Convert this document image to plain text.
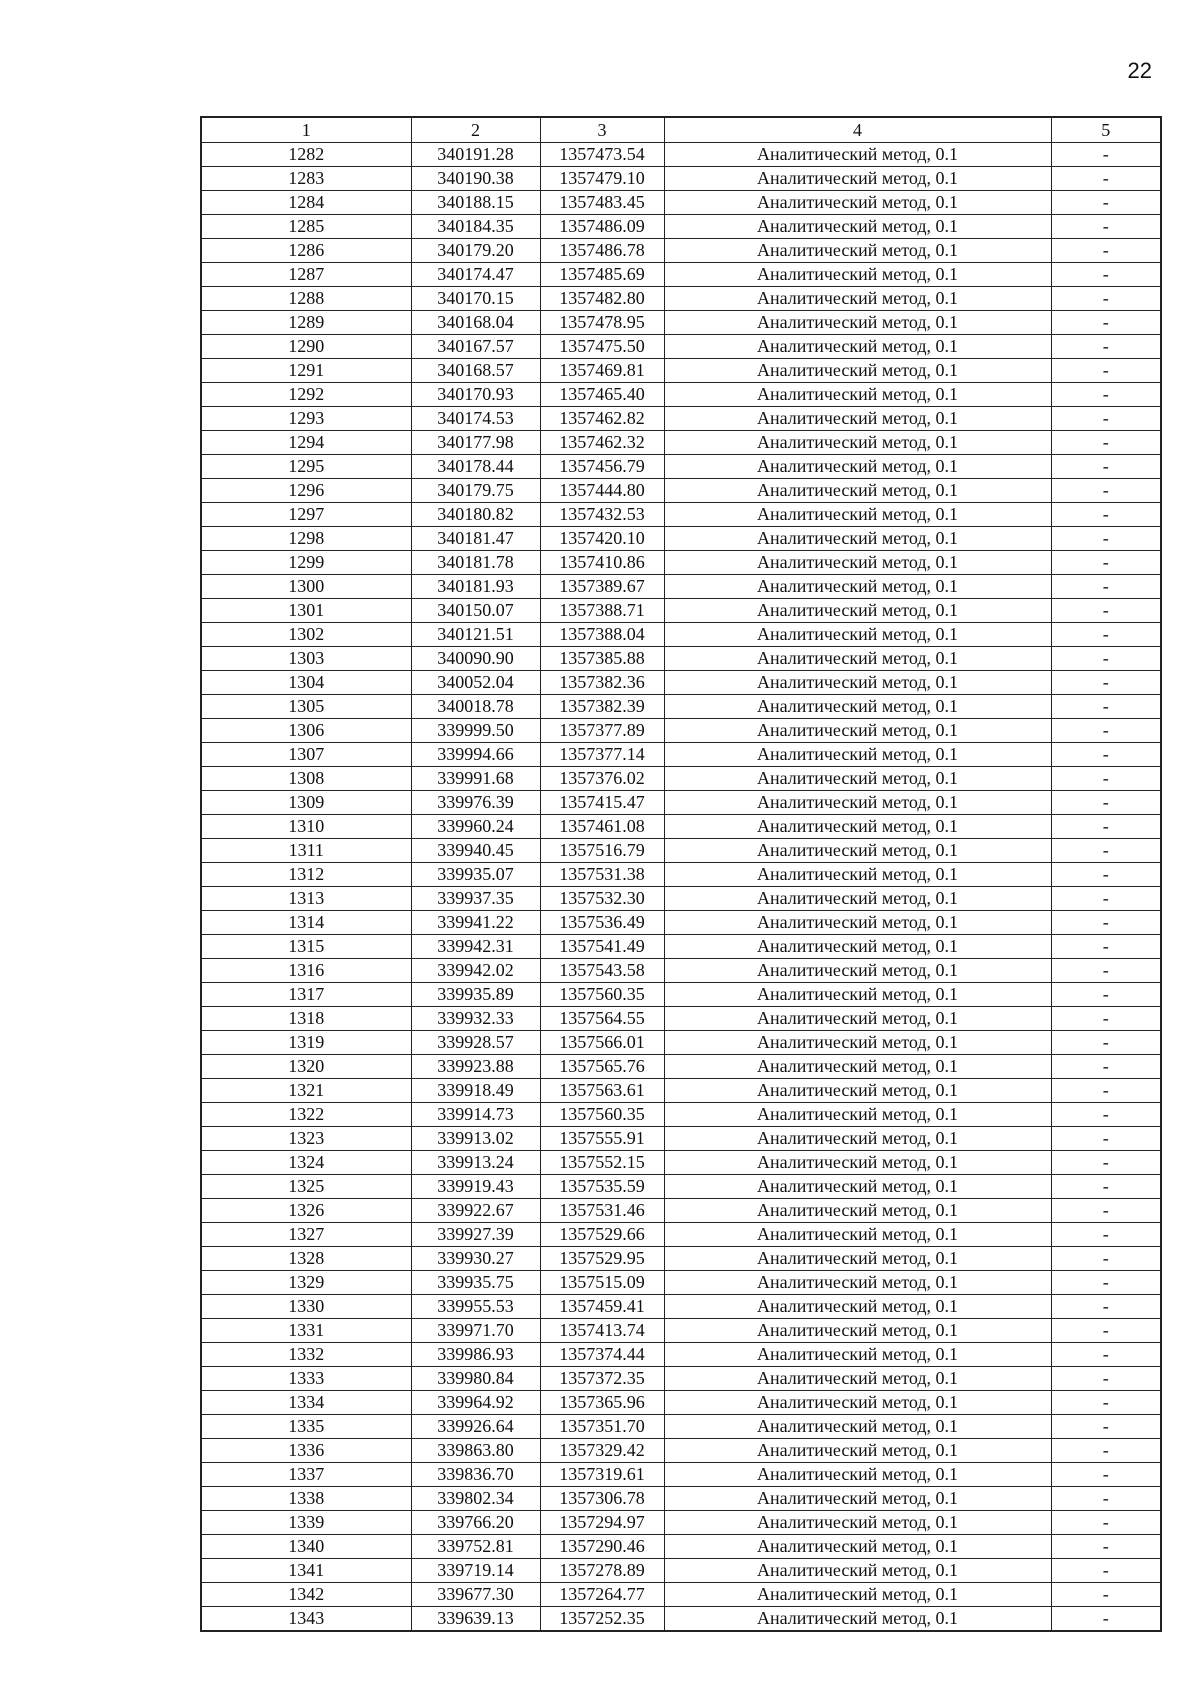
22
1	2	3	4	5
1282	340191.28	1357473.54	Аналитический метод, 0.1	-
1283	340190.38	1357479.10	Аналитический метод, 0.1	-
1284	340188.15	1357483.45	Аналитический метод, 0.1	-
1285	340184.35	1357486.09	Аналитический метод, 0.1	-
1286	340179.20	1357486.78	Аналитический метод, 0.1	-
1287	340174.47	1357485.69	Аналитический метод, 0.1	-
1288	340170.15	1357482.80	Аналитический метод, 0.1	-
1289	340168.04	1357478.95	Аналитический метод, 0.1	-
1290	340167.57	1357475.50	Аналитический метод, 0.1	-
1291	340168.57	1357469.81	Аналитический метод, 0.1	-
1292	340170.93	1357465.40	Аналитический метод, 0.1	-
1293	340174.53	1357462.82	Аналитический метод, 0.1	-
1294	340177.98	1357462.32	Аналитический метод, 0.1	-
1295	340178.44	1357456.79	Аналитический метод, 0.1	-
1296	340179.75	1357444.80	Аналитический метод, 0.1	-
1297	340180.82	1357432.53	Аналитический метод, 0.1	-
1298	340181.47	1357420.10	Аналитический метод, 0.1	-
1299	340181.78	1357410.86	Аналитический метод, 0.1	-
1300	340181.93	1357389.67	Аналитический метод, 0.1	-
1301	340150.07	1357388.71	Аналитический метод, 0.1	-
1302	340121.51	1357388.04	Аналитический метод, 0.1	-
1303	340090.90	1357385.88	Аналитический метод, 0.1	-
1304	340052.04	1357382.36	Аналитический метод, 0.1	-
1305	340018.78	1357382.39	Аналитический метод, 0.1	-
1306	339999.50	1357377.89	Аналитический метод, 0.1	-
1307	339994.66	1357377.14	Аналитический метод, 0.1	-
1308	339991.68	1357376.02	Аналитический метод, 0.1	-
1309	339976.39	1357415.47	Аналитический метод, 0.1	-
1310	339960.24	1357461.08	Аналитический метод, 0.1	-
1311	339940.45	1357516.79	Аналитический метод, 0.1	-
1312	339935.07	1357531.38	Аналитический метод, 0.1	-
1313	339937.35	1357532.30	Аналитический метод, 0.1	-
1314	339941.22	1357536.49	Аналитический метод, 0.1	-
1315	339942.31	1357541.49	Аналитический метод, 0.1	-
1316	339942.02	1357543.58	Аналитический метод, 0.1	-
1317	339935.89	1357560.35	Аналитический метод, 0.1	-
1318	339932.33	1357564.55	Аналитический метод, 0.1	-
1319	339928.57	1357566.01	Аналитический метод, 0.1	-
1320	339923.88	1357565.76	Аналитический метод, 0.1	-
1321	339918.49	1357563.61	Аналитический метод, 0.1	-
1322	339914.73	1357560.35	Аналитический метод, 0.1	-
1323	339913.02	1357555.91	Аналитический метод, 0.1	-
1324	339913.24	1357552.15	Аналитический метод, 0.1	-
1325	339919.43	1357535.59	Аналитический метод, 0.1	-
1326	339922.67	1357531.46	Аналитический метод, 0.1	-
1327	339927.39	1357529.66	Аналитический метод, 0.1	-
1328	339930.27	1357529.95	Аналитический метод, 0.1	-
1329	339935.75	1357515.09	Аналитический метод, 0.1	-
1330	339955.53	1357459.41	Аналитический метод, 0.1	-
1331	339971.70	1357413.74	Аналитический метод, 0.1	-
1332	339986.93	1357374.44	Аналитический метод, 0.1	-
1333	339980.84	1357372.35	Аналитический метод, 0.1	-
1334	339964.92	1357365.96	Аналитический метод, 0.1	-
1335	339926.64	1357351.70	Аналитический метод, 0.1	-
1336	339863.80	1357329.42	Аналитический метод, 0.1	-
1337	339836.70	1357319.61	Аналитический метод, 0.1	-
1338	339802.34	1357306.78	Аналитический метод, 0.1	-
1339	339766.20	1357294.97	Аналитический метод, 0.1	-
1340	339752.81	1357290.46	Аналитический метод, 0.1	-
1341	339719.14	1357278.89	Аналитический метод, 0.1	-
1342	339677.30	1357264.77	Аналитический метод, 0.1	-
1343	339639.13	1357252.35	Аналитический метод, 0.1	-
